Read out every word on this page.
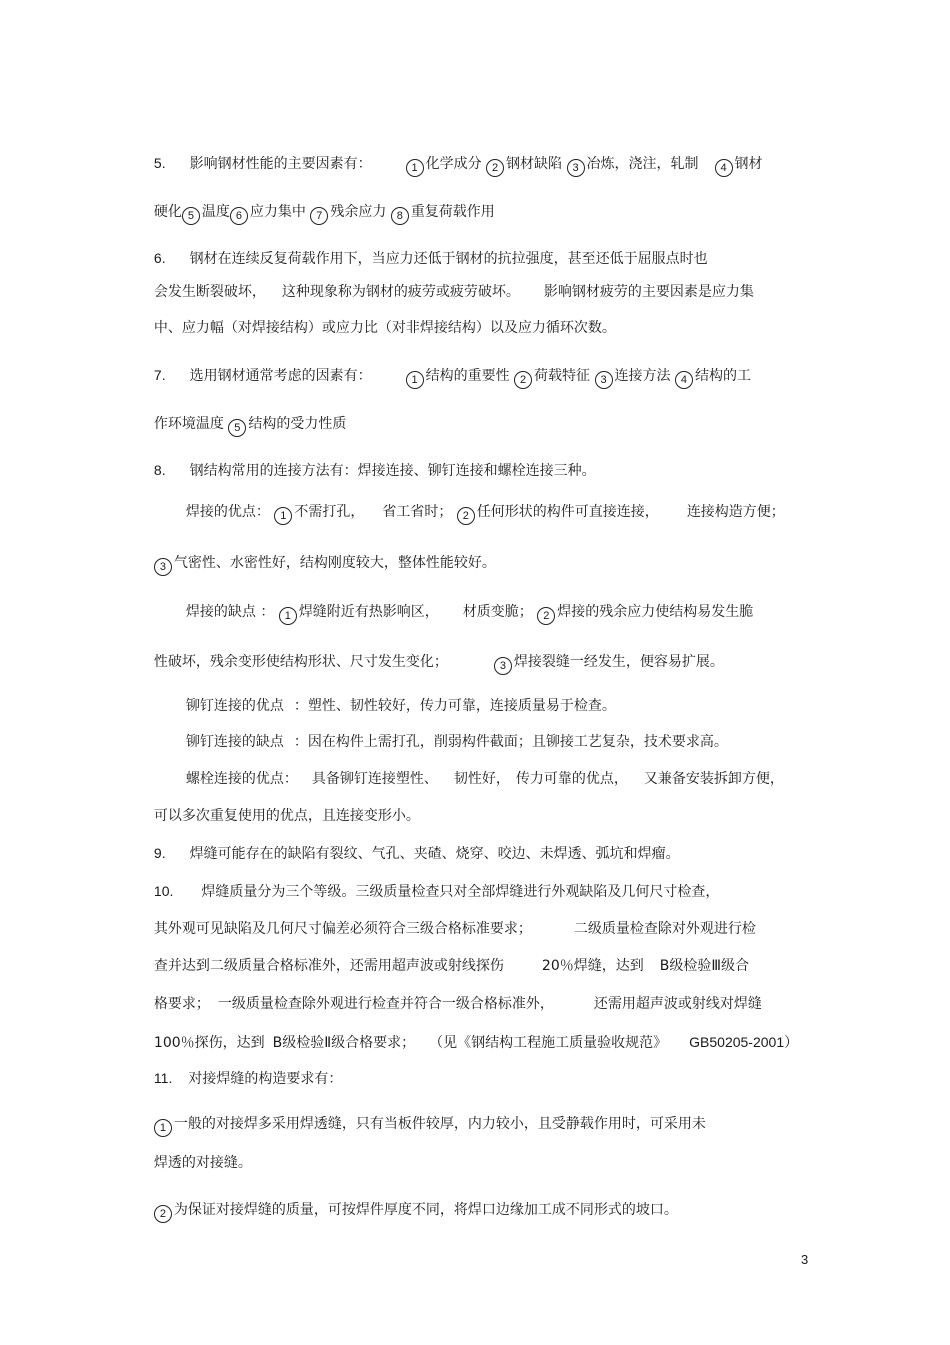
5. 影响钢材性能的主要因素有：	1 化学成分 2 钢材缺陷 3 冶炼，浇注，轧制 4 钢材

硬化 5 温度 6 应力集中 7 残余应力 8 重复荷载作用

6. 钢材在连续反复荷载作用下，当应力还低于钢材的抗拉强度，甚至还低于屈服点时也

会发生断裂破坏， 这种现象称为钢材的疲劳或疲劳破坏。 影响钢材疲劳的主要因素是应力集

中、应力幅（对焊接结构）或应力比（对非焊接结构）以及应力循环次数。

7. 选用钢材通常考虑的因素有：	1 结构的重要性 2 荷载特征 3 连接方法 4 结构的工

作环境温度 5 结构的受力性质

8. 钢结构常用的连接方法有：焊接连接、铆钉连接和螺栓连接三种。

焊接的优点： 1 不需打孔， 省工省时； 2 任何形状的构件可直接连接， 连接构造方便；

3 气密性、水密性好，结构刚度较大，整体性能较好。

焊接的缺点 ： 1 焊缝附近有热影响区， 材质变脆； 2 焊接的残余应力使结构易发生脆

性破坏，残余变形使结构形状、尺寸发生变化；	3 焊接裂缝一经发生，便容易扩展。

铆钉连接的优点 ：塑性、韧性较好，传力可靠，连接质量易于检查。

铆钉连接的缺点 ：因在构件上需打孔，削弱构件截面；且铆接工艺复杂，技术要求高。

螺栓连接的优点： 具备铆钉连接塑性、 韧性好， 传力可靠的优点， 又兼备安装拆卸方便，

可以多次重复使用的优点，且连接变形小。

9. 焊缝可能存在的缺陷有裂纹、气孔、夹碴、烧穿、咬边、未焊透、弧坑和焊瘤。

10. 焊缝质量分为三个等级。三级质量检查只对全部焊缝进行外观缺陷及几何尺寸检查，

其外观可见缺陷及几何尺寸偏差必须符合三级合格标准要求；	二级质量检查除对外观进行检

查并达到二级质量合格标准外，还需用超声波或射线探伤	20％焊缝，达到 B级检验Ⅲ级合

格要求； 一级质量检查除外观进行检查并符合一级合格标准外，	还需用超声波或射线对焊缝

100％探伤，达到 B级检验Ⅱ级合格要求； （见《钢结构工程施工质量验收规范》 GB50205-2001）

11. 对接焊缝的构造要求有：

1 一般的对接焊多采用焊透缝，只有当板件较厚，内力较小，且受静载作用时，可采用未

焊透的对接缝。

2 为保证对接焊缝的质量，可按焊件厚度不同，将焊口边缘加工成不同形式的坡口。

3
